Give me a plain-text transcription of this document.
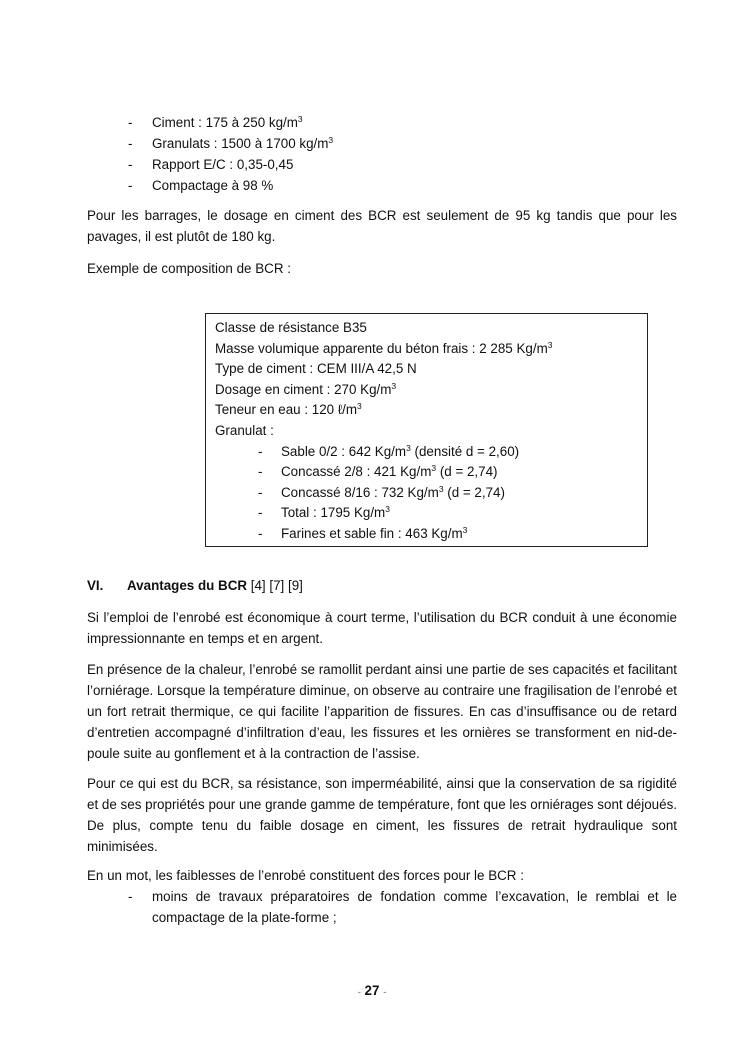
- Ciment : 175 à 250 $kg/m^3$
- Granulats : 1500 à 1700 $kg/m^3$
- Rapport E/C : 0,35-0,45
- Compactage à 98 %

Pour les barrages, le dosage en ciment des BCR est seulement de 95 kg tandis que pour les pavages, il est plutôt de 180 kg.

Exemple de composition de BCR :

Classe de résistance B35
Masse volumique apparente du béton frais : 2 285 $Kg/m^3$
Type de ciment : CEM III/A 42,5 N
Dosage en ciment : 270 $Kg/m^3$
Teneur en eau : 120 $\ell/m^3$
Granulat :
- Sable 0/2 : 642 $Kg/m^3$ (densité d = 2,60)
- Concassé 2/8 : 421 $Kg/m^3$ (d = 2,74)
- Concassé 8/16 : 732 $Kg/m^3$ (d = 2,74)
- Total : 1795 $Kg/m^3$
- Farines et sable fin : 463 $Kg/m^3$
VI. Avantages du BCR [4] [7] [9]

Si l’emploi de l’enrobé est économique à court terme, l’utilisation du BCR conduit à une économie impressionnante en temps et en argent.

En présence de la chaleur, l’enrobé se ramollit perdant ainsi une partie de ses capacités et facilitant l’orniérage. Lorsque la température diminue, on observe au contraire une fragilisation de l’enrobé et un fort retrait thermique, ce qui facilite l’apparition de fissures. En cas d’insuffisance ou de retard d’entretien accompagné d’infiltration d’eau, les fissures et les ornières se transforment en nid-de-poule suite au gonflement et à la contraction de l’assise.

Pour ce qui est du BCR, sa résistance, son imperméabilité, ainsi que la conservation de sa rigidité et de ses propriétés pour une grande gamme de température, font que les orniérages sont déjoués. De plus, compte tenu du faible dosage en ciment, les fissures de retrait hydraulique sont minimisées.

En un mot, les faiblesses de l’enrobé constituent des forces pour le BCR :

- moins de travaux préparatoires de fondation comme l’excavation, le remblai et le compactage de la plate-forme ;

- 27 -
